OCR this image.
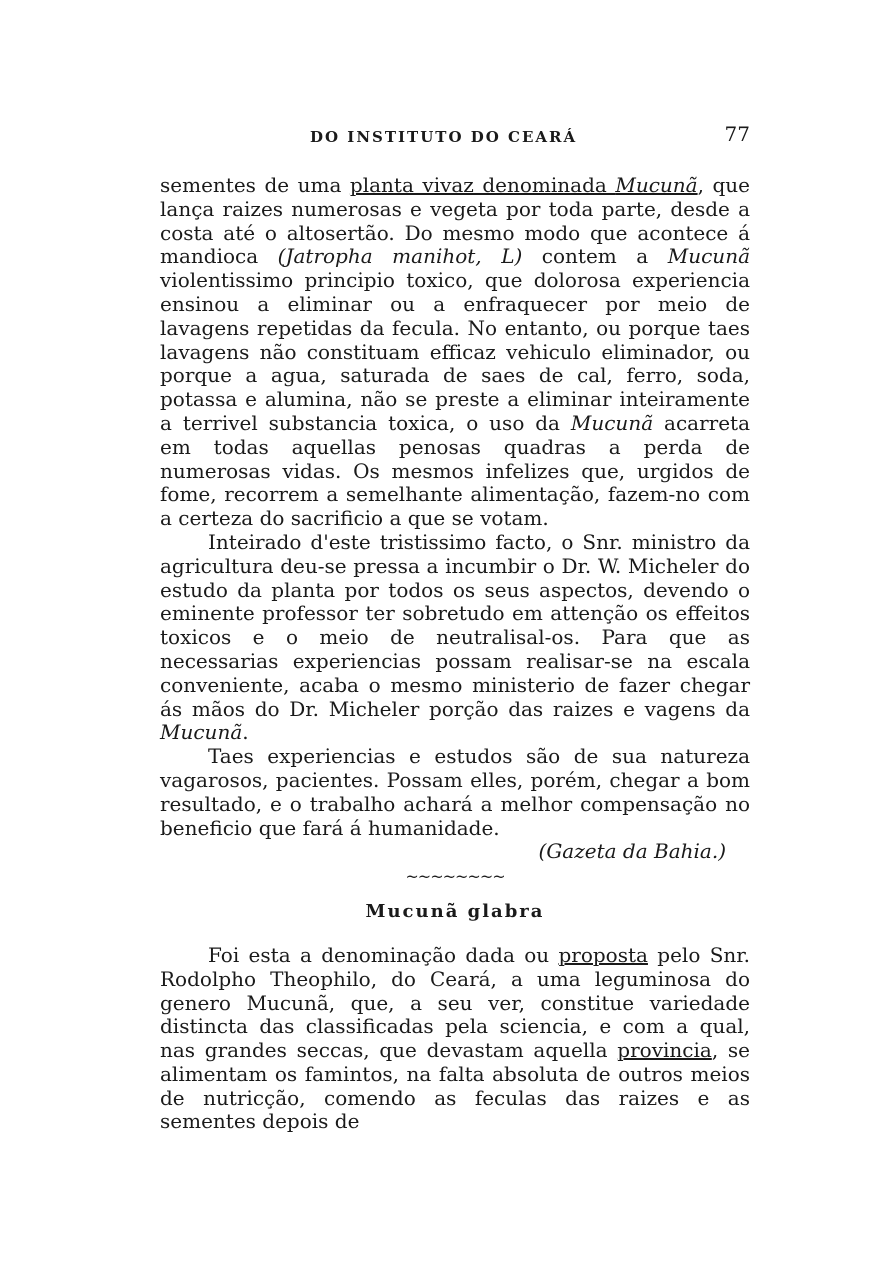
DO INSTITUTO DO CEARÁ	77

sementes de uma planta vivaz denominada Mucunã, que lança raizes numerosas e vegeta por toda parte, desde a costa até o altosertão. Do mesmo modo que acontece á mandioca (Jatropha manihot, L) contem a Mucunã violentissimo principio toxico, que dolorosa experiencia ensinou a eliminar ou a enfraquecer por meio de lavagens repetidas da fecula. No entanto, ou porque taes lavagens não constituam efficaz vehiculo eliminador, ou porque a agua, saturada de saes de cal, ferro, soda, potassa e alumina, não se preste a eliminar inteiramente a terrivel substancia toxica, o uso da Mucunã acarreta em todas aquellas penosas quadras a perda de numerosas vidas. Os mesmos infelizes que, urgidos de fome, recorrem a semelhante alimentação, fazem-no com a certeza do sacrificio a que se votam.

Inteirado d'este tristissimo facto, o Snr. ministro da agricultura deu-se pressa a incumbir o Dr. W. Micheler do estudo da planta por todos os seus aspectos, devendo o eminente professor ter sobretudo em attenção os effeitos toxicos e o meio de neutralisal-os. Para que as necessarias experiencias possam realisar-se na escala conveniente, acaba o mesmo ministerio de fazer chegar ás mãos do Dr. Micheler porção das raizes e vagens da Mucunã.

Taes experiencias e estudos são de sua natureza vagarosos, pacientes. Possam elles, porém, chegar a bom resultado, e o trabalho achará a melhor compensação no beneficio que fará á humanidade.

(Gazeta da Bahia.)

~~~~~~~~
Mucunã glabra

Foi esta a denominação dada ou proposta pelo Snr. Rodolpho Theophilo, do Ceará, a uma leguminosa do genero Mucunã, que, a seu ver, constitue variedade distincta das classificadas pela sciencia, e com a qual, nas grandes seccas, que devastam aquella provincia, se alimentam os famintos, na falta absoluta de outros meios de nutricção, comendo as feculas das raizes e as sementes depois de
